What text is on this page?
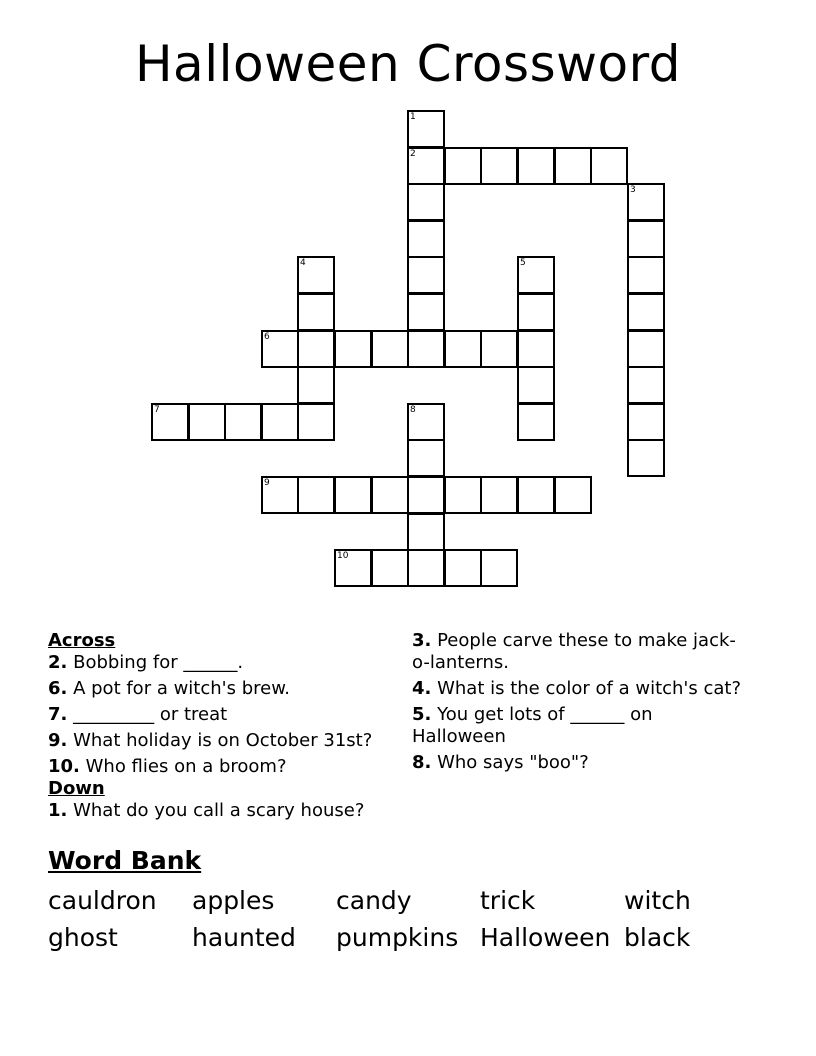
Halloween Crossword
1
2
3
4	5
6
7	8
9
10
Across
2. Bobbing for ______.
6. A pot for a witch's brew.
7. _________ or treat
9. What holiday is on October 31st?
10. Who flies on a broom?
Down
1. What do you call a scary house?
3. People carve these to make jack-o-lanterns.
4. What is the color of a witch's cat?
5. You get lots of ______ on Halloween
8. Who says "boo"?
Word Bank
cauldron	apples	candy	trick	witch
ghost	haunted	pumpkins Halloween black
